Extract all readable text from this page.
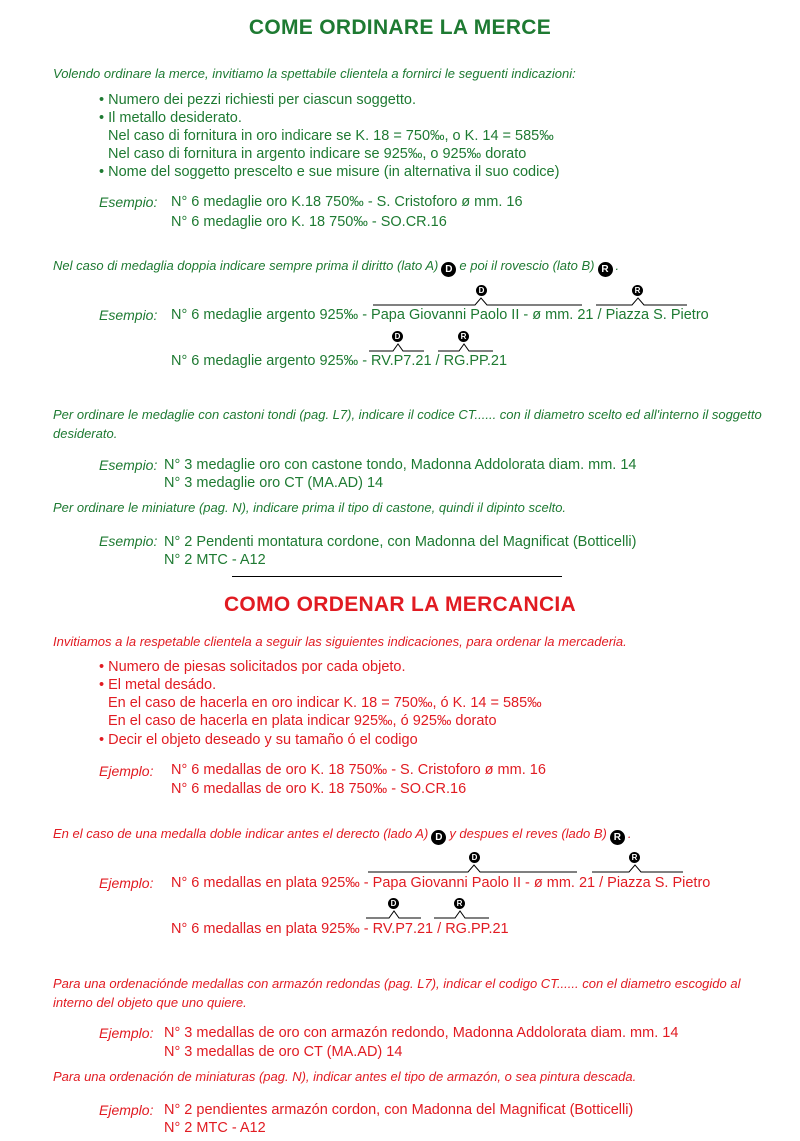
COME ORDINARE LA MERCE
Volendo ordinare la merce, invitiamo la spettabile clientela a fornirci le seguenti indicazioni:
• Numero dei pezzi richiesti per ciascun soggetto.
• Il metallo desiderato.
Nel caso di fornitura in oro indicare se K. 18 = 750‰, o K. 14 = 585‰
Nel caso di fornitura in argento indicare se 925‰, o 925‰ dorato
• Nome del soggetto prescelto e sue misure (in alternativa il suo codice)
Esempio: N° 6 medaglie oro K.18 750‰ - S. Cristoforo ø mm. 16
N° 6 medaglie oro K. 18 750‰ - SO.CR.16
Nel caso di medaglia doppia indicare sempre prima il diritto (lato A) D e poi il rovescio (lato B) R .
D	R
Esempio: N° 6 medaglie argento 925‰ - Papa Giovanni Paolo II - ø mm. 21 / Piazza S. Pietro
D	R
N° 6 medaglie argento 925‰ - RV.P7.21 / RG.PP.21
Per ordinare le medaglie con castoni tondi (pag. L7), indicare il codice CT...... con il diametro scelto ed all'interno il soggetto desiderato.
Esempio: N° 3 medaglie oro con castone tondo, Madonna Addolorata diam. mm. 14
N° 3 medaglie oro CT (MA.AD) 14
Per ordinare le miniature (pag. N), indicare prima il tipo di castone, quindi il dipinto scelto.
Esempio: N° 2 Pendenti montatura cordone, con Madonna del Magnificat (Botticelli)
N° 2 MTC - A12
COMO ORDENAR LA MERCANCIA
Invitiamos a la respetable clientela a seguir las siguientes indicaciones, para ordenar la mercaderia.
• Numero de piesas solicitados por cada objeto.
• El metal desádo.
En el caso de hacerla en oro indicar K. 18 = 750‰, ó K. 14 = 585‰
En el caso de hacerla en plata indicar 925‰, ó 925‰ dorato
• Decir el objeto deseado y su tamaño ó el codigo
Ejemplo: N° 6 medallas de oro K. 18 750‰ - S. Cristoforo ø mm. 16
N° 6 medallas de oro K. 18 750‰ - SO.CR.16
En el caso de una medalla doble indicar antes el derecto (lado A) D y despues el reves (lado B) R .
D	R
Ejemplo: N° 6 medallas en plata 925‰ - Papa Giovanni Paolo II - ø mm. 21 / Piazza S. Pietro
D	R
N° 6 medallas en plata 925‰ - RV.P7.21 / RG.PP.21
Para una ordenaciónde medallas con armazón redondas (pag. L7), indicar el codigo CT...... con el diametro escogido al interno del objeto que uno quiere.
Ejemplo: N° 3 medallas de oro con armazón redondo, Madonna Addolorata diam. mm. 14
N° 3 medallas de oro CT (MA.AD) 14
Para una ordenación de miniaturas (pag. N), indicar antes el tipo de armazón, o sea pintura descada.
Ejemplo: N° 2 pendientes armazón cordon, con Madonna del Magnificat (Botticelli)
N° 2 MTC - A12
